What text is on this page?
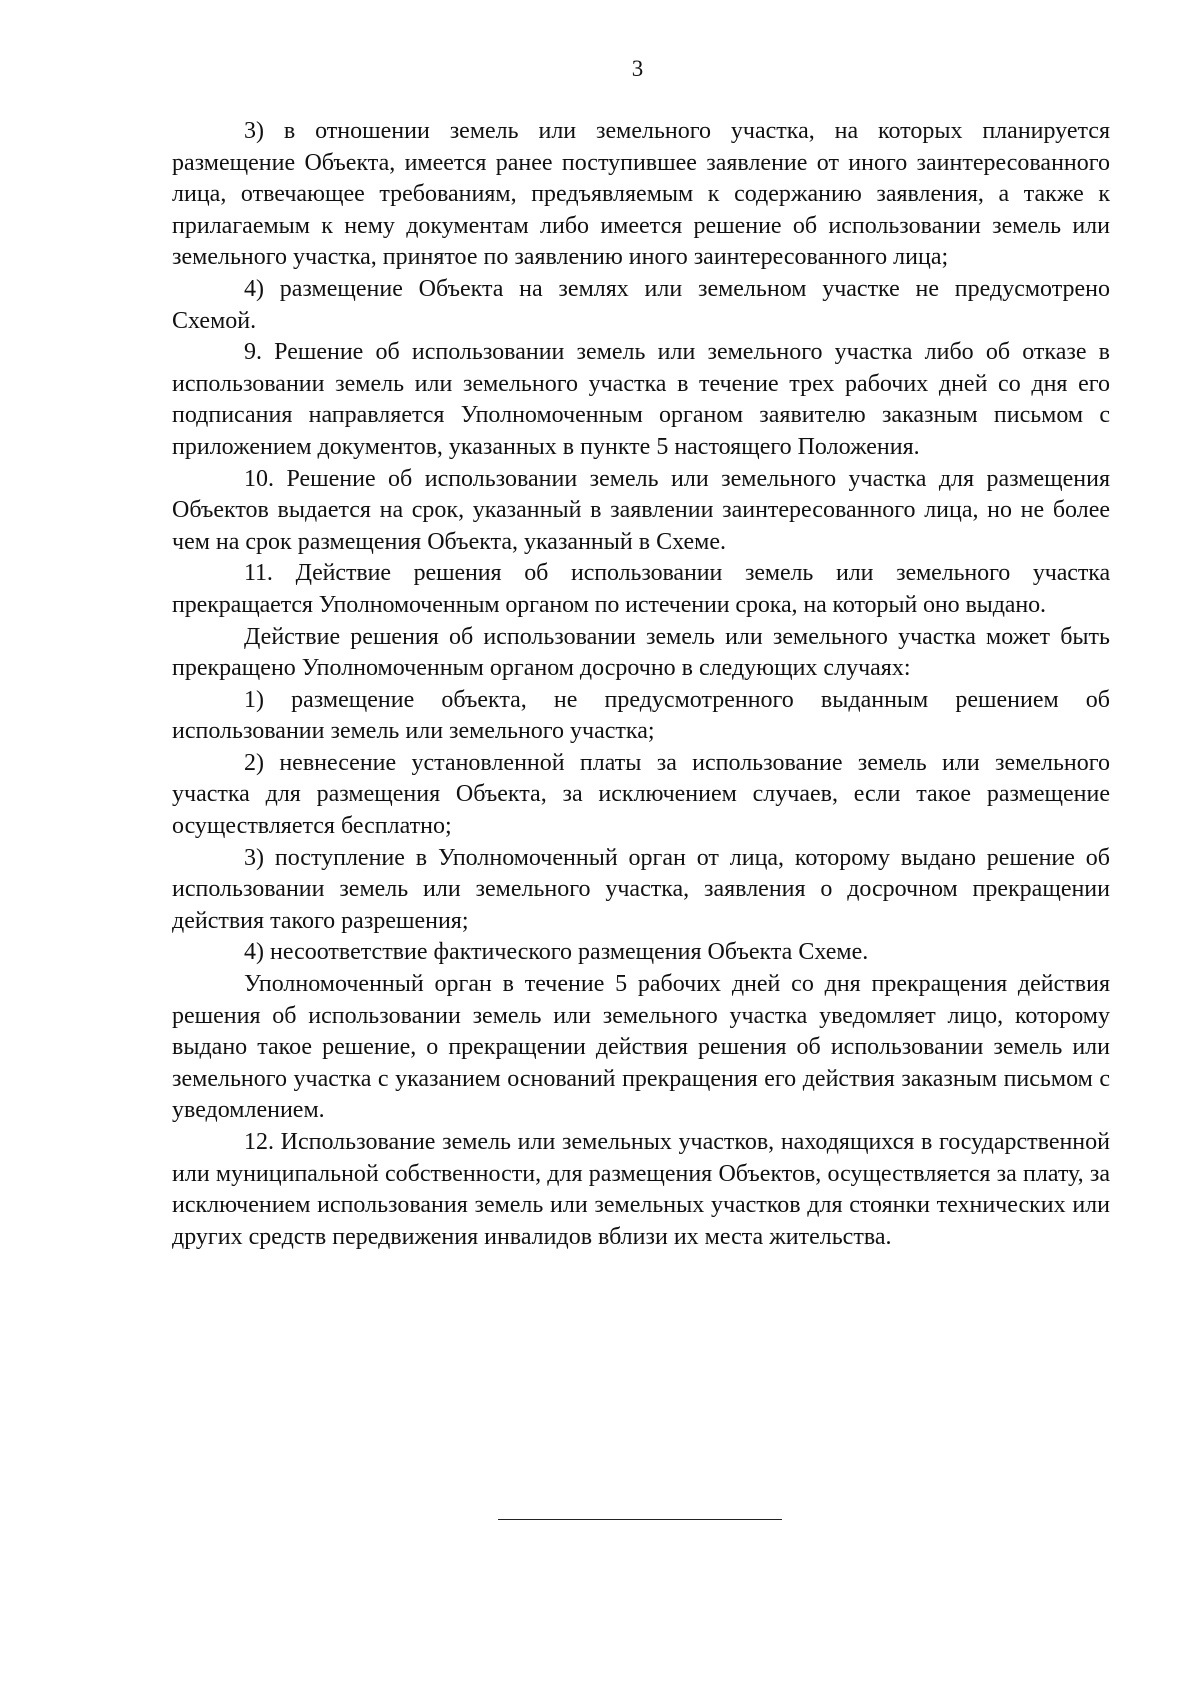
3

3) в отношении земель или земельного участка, на которых планируется размещение Объекта, имеется ранее поступившее заявление от иного заинтересованного лица, отвечающее требованиям, предъявляемым к содержанию заявления, а также к прилагаемым к нему документам либо имеется решение об использовании земель или земельного участка, принятое по заявлению иного заинтересованного лица;

4) размещение Объекта на землях или земельном участке не предусмотрено Схемой.

9. Решение об использовании земель или земельного участка либо об отказе в использовании земель или земельного участка в течение трех рабочих дней со дня его подписания направляется Уполномоченным органом заявителю заказным письмом с приложением документов, указанных в пункте 5 настоящего Положения.

10. Решение об использовании земель или земельного участка для размещения Объектов выдается на срок, указанный в заявлении заинтересованного лица, но не более чем на срок размещения Объекта, указанный в Схеме.

11. Действие решения об использовании земель или земельного участка прекращается Уполномоченным органом по истечении срока, на который оно выдано.

Действие решения об использовании земель или земельного участка может быть прекращено Уполномоченным органом досрочно в следующих случаях:

1) размещение объекта, не предусмотренного выданным решением об использовании земель или земельного участка;

2) невнесение установленной платы за использование земель или земельного участка для размещения Объекта, за исключением случаев, если такое размещение осуществляется бесплатно;

3) поступление в Уполномоченный орган от лица, которому выдано решение об использовании земель или земельного участка, заявления о досрочном прекращении действия такого разрешения;

4) несоответствие фактического размещения Объекта Схеме.

Уполномоченный орган в течение 5 рабочих дней со дня прекращения действия решения об использовании земель или земельного участка уведомляет лицо, которому выдано такое решение, о прекращении действия решения об использовании земель или земельного участка с указанием оснований прекращения его действия заказным письмом с уведомлением.

12. Использование земель или земельных участков, находящихся в государственной или муниципальной собственности, для размещения Объектов, осуществляется за плату, за исключением использования земель или земельных участков для стоянки технических или других средств передвижения инвалидов вблизи их места жительства.
